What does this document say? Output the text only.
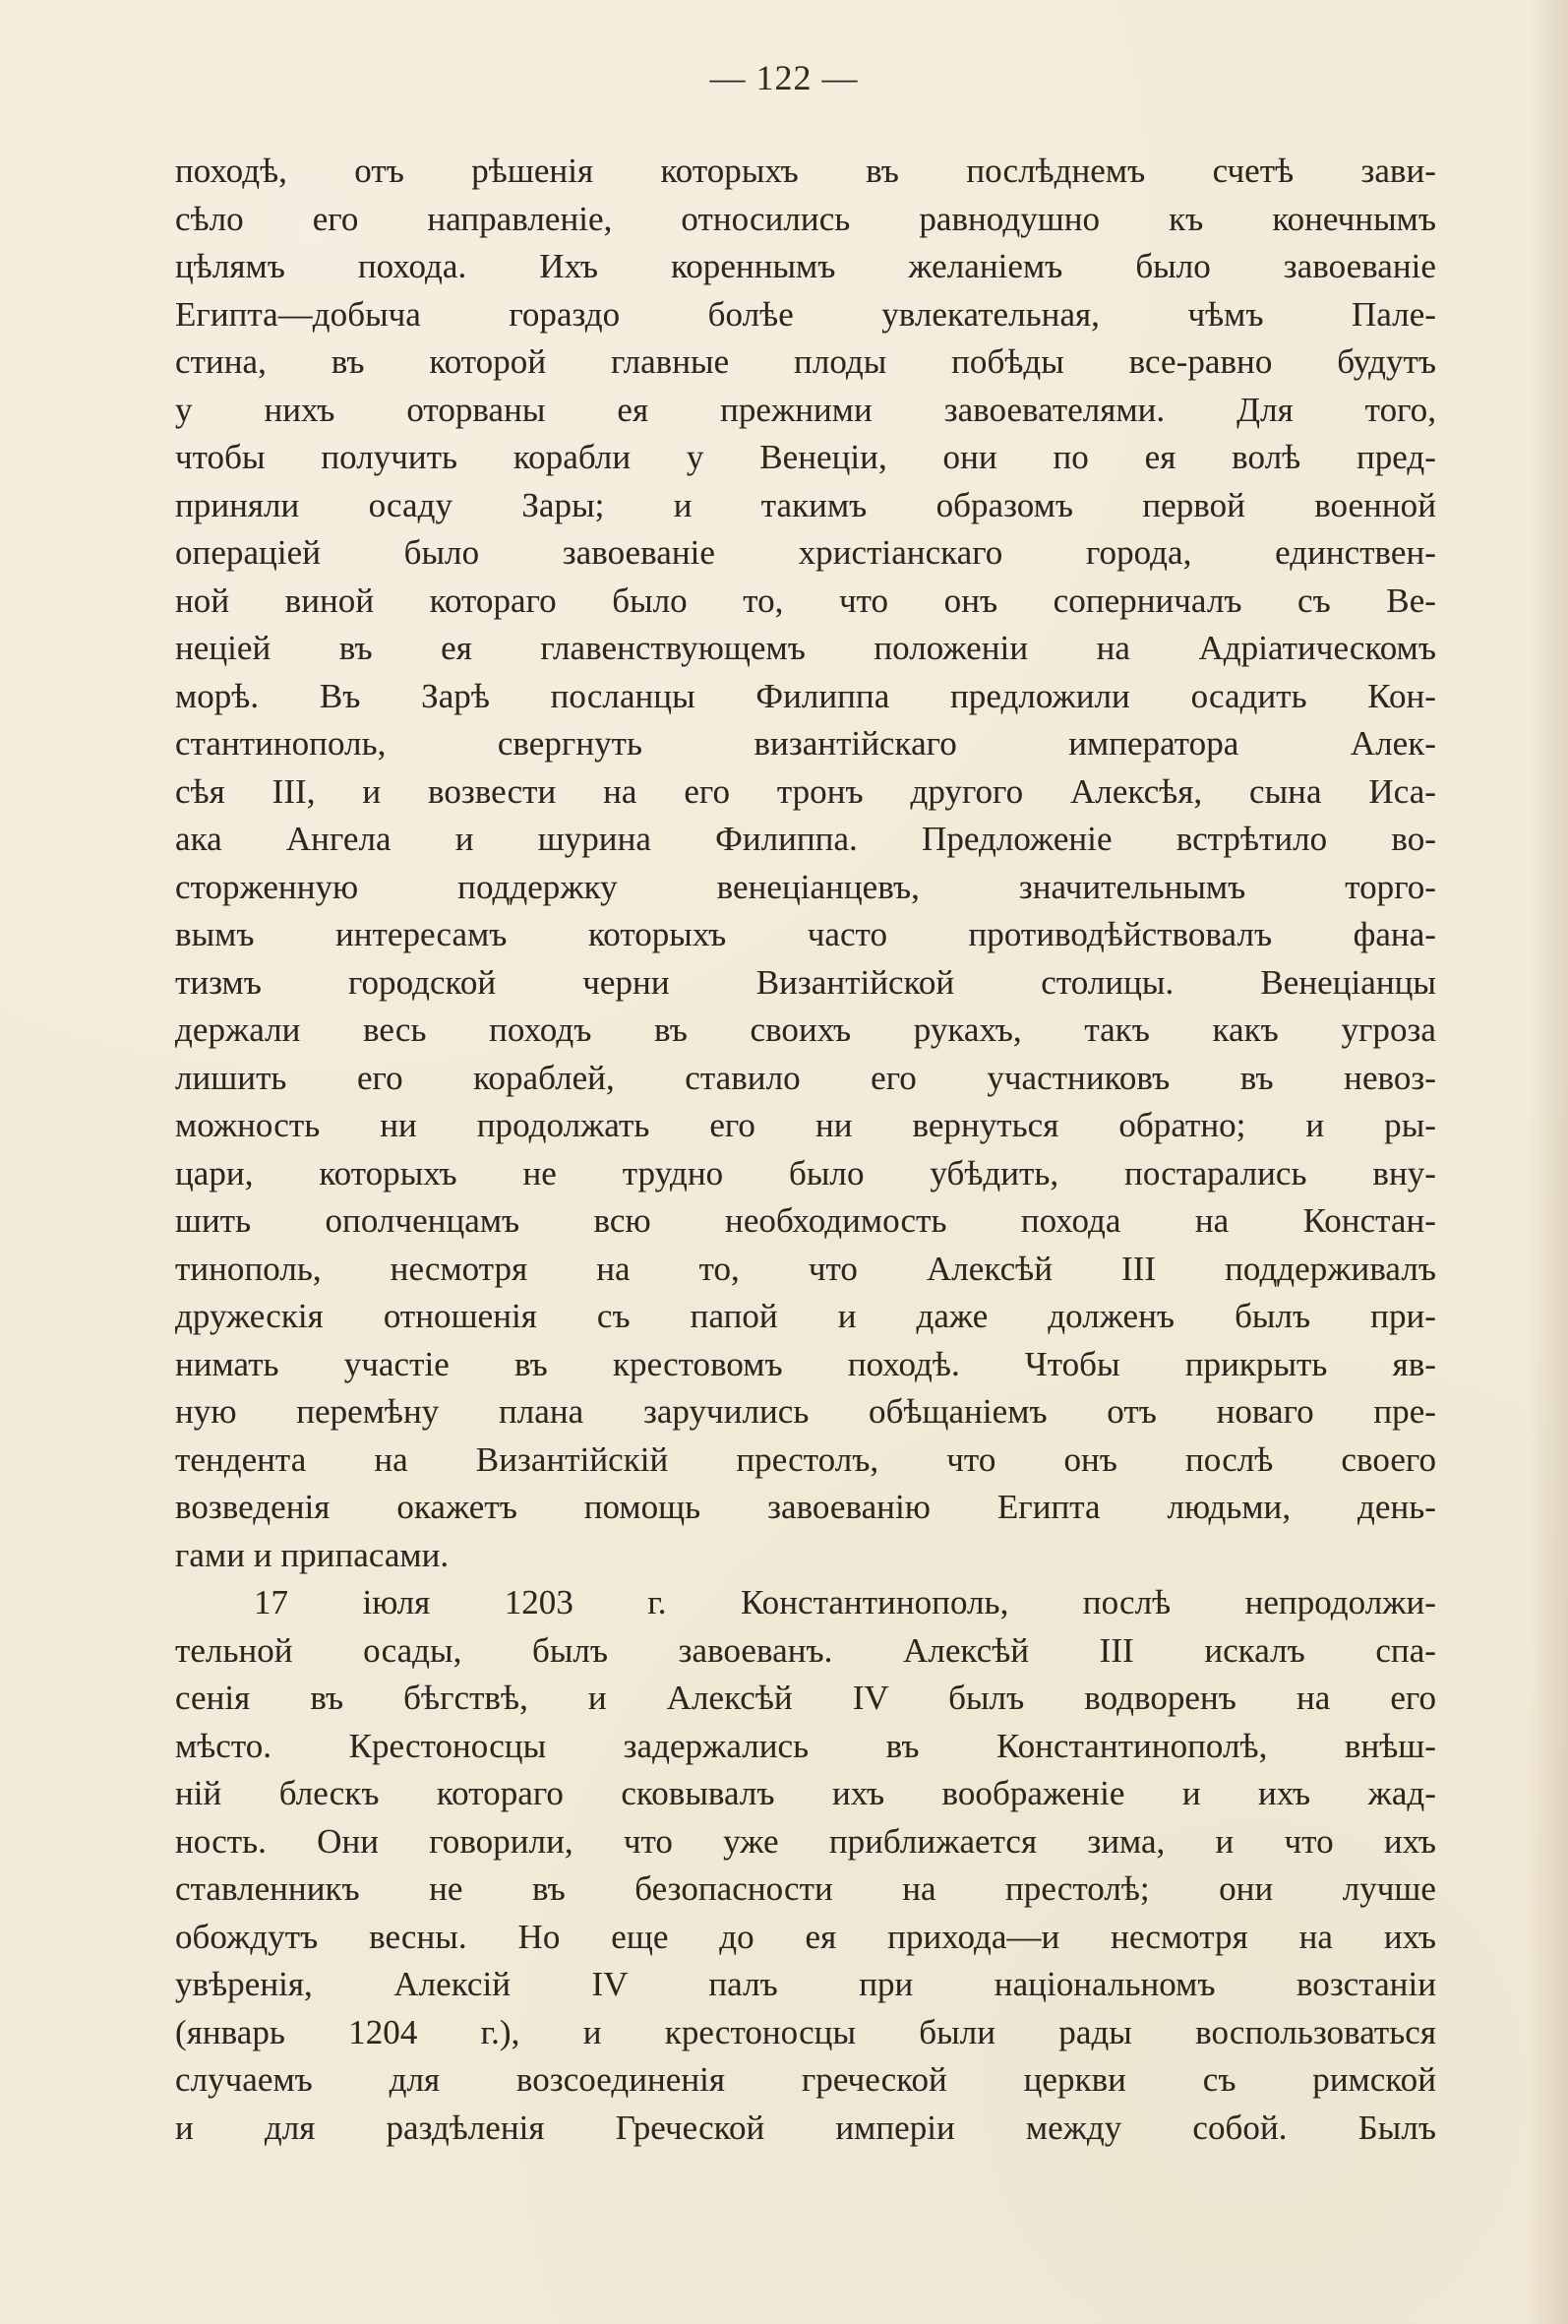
— 122 —
походѣ, отъ рѣшенія которыхъ въ послѣднемъ счетѣ зави-
сѣло его направленіе, относились равнодушно къ конечнымъ
цѣлямъ похода. Ихъ кореннымъ желаніемъ было завоеваніе
Египта—добыча гораздо болѣе увлекательная, чѣмъ Пале-
стина, въ которой главные плоды побѣды все-равно будутъ
у нихъ оторваны ея прежними завоевателями. Для того,
чтобы получить корабли у Венеціи, они по ея волѣ пред-
приняли осаду Зары; и такимъ образомъ первой военной
операціей было завоеваніе христіанскаго города, единствен-
ной виной котораго было то, что онъ соперничалъ съ Ве-
неціей въ ея главенствующемъ положеніи на Адріатическомъ
морѣ. Въ Зарѣ посланцы Филиппа предложили осадить Кон-
стантинополь, свергнуть византійскаго императора Алек-
сѣя III, и возвести на его тронъ другого Алексѣя, сына Иса-
ака Ангела и шурина Филиппа. Предложеніе встрѣтило во-
сторженную поддержку венеціанцевъ, значительнымъ торго-
вымъ интересамъ которыхъ часто противодѣйствовалъ фана-
тизмъ городской черни Византійской столицы. Венеціанцы
держали весь походъ въ своихъ рукахъ, такъ какъ угроза
лишить его кораблей, ставило его участниковъ въ невоз-
можность ни продолжать его ни вернуться обратно; и ры-
цари, которыхъ не трудно было убѣдить, постарались вну-
шить ополченцамъ всю необходимость похода на Констан-
тинополь, несмотря на то, что Алексѣй III поддерживалъ
дружескія отношенія съ папой и даже долженъ былъ при-
нимать участіе въ крестовомъ походѣ. Чтобы прикрыть яв-
ную перемѣну плана заручились обѣщаніемъ отъ новаго пре-
тендента на Византійскій престолъ, что онъ послѣ своего
возведенія окажетъ помощь завоеванію Египта людьми, день-
гами и припасами.
17 іюля 1203 г. Константинополь, послѣ непродолжи-
тельной осады, былъ завоеванъ. Алексѣй III искалъ спа-
сенія въ бѣгствѣ, и Алексѣй IV былъ водворенъ на его
мѣсто. Крестоносцы задержались въ Константинополѣ, внѣш-
ній блескъ котораго сковывалъ ихъ воображеніе и ихъ жад-
ность. Они говорили, что уже приближается зима, и что ихъ
ставленникъ не въ безопасности на престолѣ; они лучше
обождутъ весны. Но еще до ея прихода—и несмотря на ихъ
увѣренія, Алексій IV палъ при національномъ возстаніи
(январь 1204 г.), и крестоносцы были рады воспользоваться
случаемъ для возсоединенія греческой церкви съ римской
и для раздѣленія Греческой имперіи между собой. Былъ
